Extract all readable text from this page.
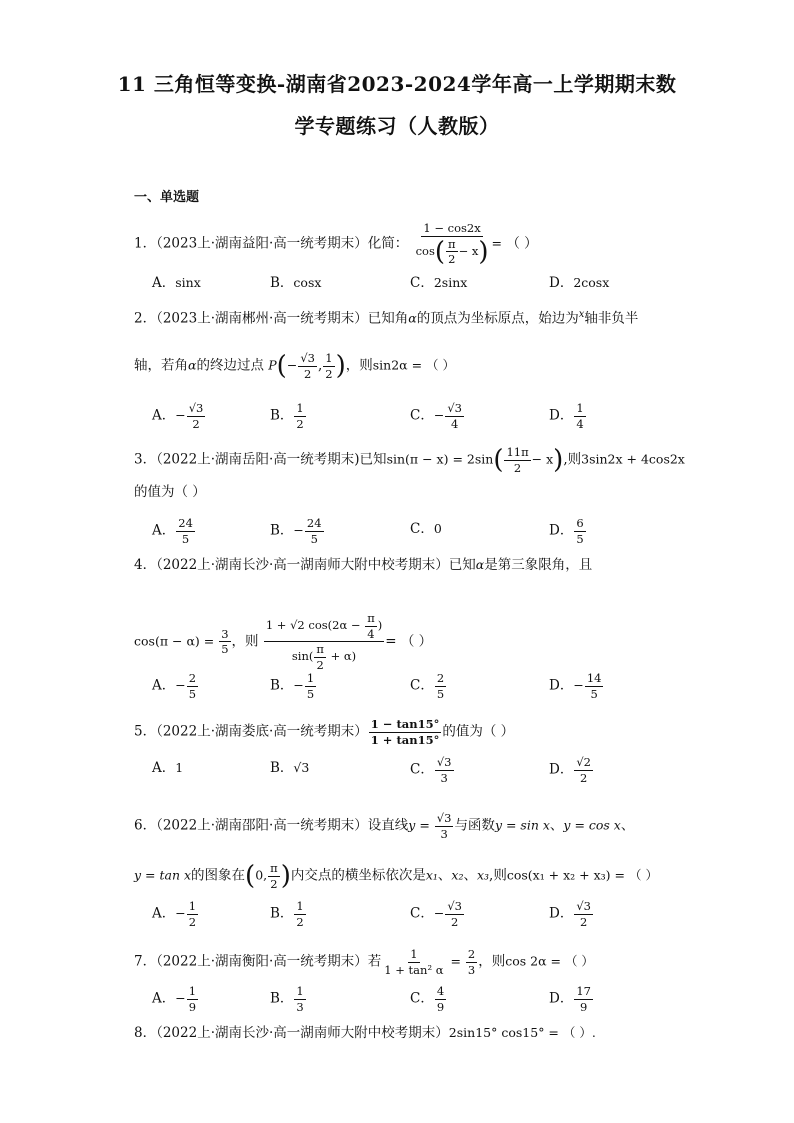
11 三角恒等变换-湖南省2023-2024学年高一上学期期末数
学专题练习（人教版）
一、单选题
1．（2023上·湖南益阳·高一统考期末）化简： $\frac{1 - \cos 2x}{\cos( \frac{\pi}{2} - x)}$ = （ ）
A．sinx	B．cosx	C．2sinx	D．2cosx
2．（2023上·湖南郴州·高一统考期末）已知角α的顶点为坐标原点，始边为$^x$轴非负半
轴，若角α的终边过点 $P(- \frac{√3}{2}$ , $\frac{1}{2}$ )，则sin2α = （ ）
A．− $\frac{√3}{2}$	B． $\frac{1}{2}$	C．− $\frac{√3}{4}$	D． $\frac{1}{4}$
3．（2022上·湖南岳阳·高一统考期末)已知$\sin(\pi - x) = 2\sin( \frac{11\pi}{2} - x)$,则3sin2x + 4cos2x
的值为（ ）
A． $\frac{24}{5}$	B．− $\frac{24}{5}$	C．0	D． $\frac{6}{5}$
4．（2022上·湖南长沙·高一湖南师大附中校考期末）已知α是第三象限角，且
$\cos(\pi - \alpha) = \frac{3}{5}$ ，则 $\frac{1 + √2 \cos(2\alpha - \frac{\pi}{4} )}{\sin( \frac{\pi}{2} + \alpha)}$ = （ ）
A．− $\frac{2}{5}$	B．− $\frac{1}{5}$	C． $\frac{2}{5}$	D．− $\frac{14}{5}$
5．（2022上·湖南娄底·高一统考期末） $\frac{1 - \tan 15^\circ}{1 + \tan 15^\circ}$ 的值为（ ）
A．1	B．√3	C． $\frac{√3}{3}$	D． $\frac{√2}{2}$
6．（2022上·湖南邵阳·高一统考期末）设直线$y = \frac{√3}{3}$ 与函数y = sin x、y = cos x、
y = tan x的图象在(0, $\frac{\pi}{2}$ )内交点的横坐标依次是x₁、x₂、x₃,则cos(x₁ + x₂ + x₃) = （ ）
A．− $\frac{1}{2}$	B． $\frac{1}{2}$	C．− $\frac{√3}{2}$	D． $\frac{√3}{2}$
7．（2022上·湖南衡阳·高一统考期末）若 $\frac{1}{\text{1 + tan² α}} = \frac{2}{3}$ ，则cos 2α = （ ）
A．− $\frac{1}{9}$	B． $\frac{1}{3}$	C． $\frac{4}{9}$	D． $\frac{17}{9}$
8．（2022上·湖南长沙·高一湖南师大附中校考期末）2sin15° cos15° = （ ）.
